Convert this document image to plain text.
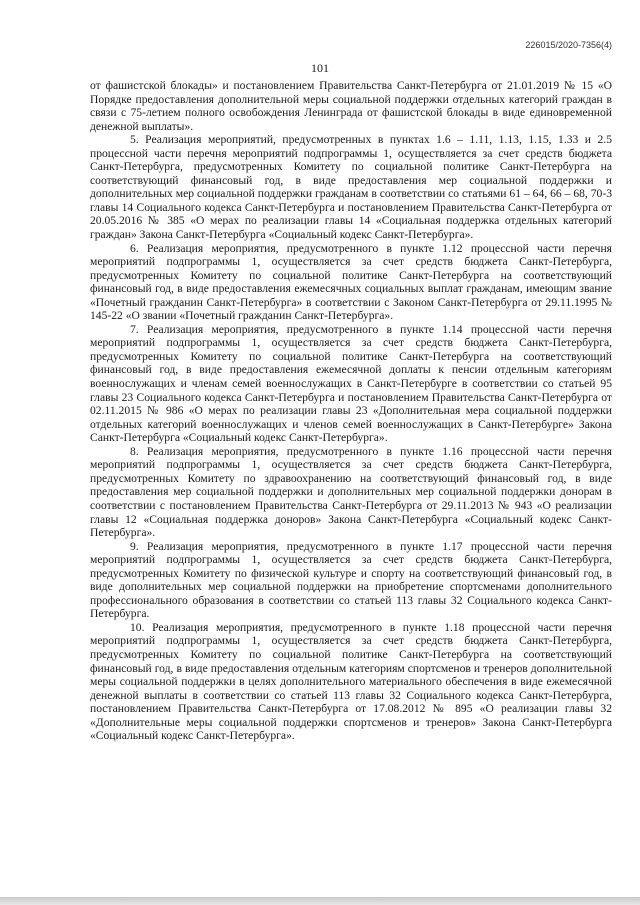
226015/2020-7356(4)
101

от фашистской блокады» и постановлением Правительства Санкт-Петербурга от 21.01.2019 № 15 «О Порядке предоставления дополнительной меры социальной поддержки отдельных категорий граждан в связи с 75-летием полного освобождения Ленинграда от фашистской блокады в виде единовременной денежной выплаты».

5. Реализация мероприятий, предусмотренных в пунктах 1.6 – 1.11, 1.13, 1.15, 1.33 и 2.5 процессной части перечня мероприятий подпрограммы 1, осуществляется за счет средств бюджета Санкт-Петербурга, предусмотренных Комитету по социальной политике Санкт-Петербурга на соответствующий финансовый год, в виде предоставления мер социальной поддержки и дополнительных мер социальной поддержки гражданам в соответствии со статьями 61 – 64, 66 – 68, 70-3 главы 14 Социального кодекса Санкт-Петербурга и постановлением Правительства Санкт-Петербурга от 20.05.2016 № 385 «О мерах по реализации главы 14 «Социальная поддержка отдельных категорий граждан» Закона Санкт-Петербурга «Социальный кодекс Санкт-Петербурга».

6. Реализация мероприятия, предусмотренного в пункте 1.12 процессной части перечня мероприятий подпрограммы 1, осуществляется за счет средств бюджета Санкт-Петербурга, предусмотренных Комитету по социальной политике Санкт-Петербурга на соответствующий финансовый год, в виде предоставления ежемесячных социальных выплат гражданам, имеющим звание «Почетный гражданин Санкт-Петербурга» в соответствии с Законом Санкт-Петербурга от 29.11.1995 № 145-22 «О звании «Почетный гражданин Санкт-Петербурга».

7. Реализация мероприятия, предусмотренного в пункте 1.14 процессной части перечня мероприятий подпрограммы 1, осуществляется за счет средств бюджета Санкт-Петербурга, предусмотренных Комитету по социальной политике Санкт-Петербурга на соответствующий финансовый год, в виде предоставления ежемесячной доплаты к пенсии отдельным категориям военнослужащих и членам семей военнослужащих в Санкт-Петербурге в соответствии со статьей 95 главы 23 Социального кодекса Санкт-Петербурга и постановлением Правительства Санкт-Петербурга от 02.11.2015 № 986 «О мерах по реализации главы 23 «Дополнительная мера социальной поддержки отдельных категорий военнослужащих и членов семей военнослужащих в Санкт-Петербурге» Закона Санкт-Петербурга «Социальный кодекс Санкт-Петербурга».

8. Реализация мероприятия, предусмотренного в пункте 1.16 процессной части перечня мероприятий подпрограммы 1, осуществляется за счет средств бюджета Санкт-Петербурга, предусмотренных Комитету по здравоохранению на соответствующий финансовый год, в виде предоставления мер социальной поддержки и дополнительных мер социальной поддержки донорам в соответствии с постановлением Правительства Санкт-Петербурга от 29.11.2013 № 943 «О реализации главы 12 «Социальная поддержка доноров» Закона Санкт-Петербурга «Социальный кодекс Санкт-Петербурга».

9. Реализация мероприятия, предусмотренного в пункте 1.17 процессной части перечня мероприятий подпрограммы 1, осуществляется за счет средств бюджета Санкт-Петербурга, предусмотренных Комитету по физической культуре и спорту на соответствующий финансовый год, в виде дополнительных мер социальной поддержки на приобретение спортсменами дополнительного профессионального образования в соответствии со статьей 113 главы 32 Социального кодекса Санкт-Петербурга.

10. Реализация мероприятия, предусмотренного в пункте 1.18 процессной части перечня мероприятий подпрограммы 1, осуществляется за счет средств бюджета Санкт-Петербурга, предусмотренных Комитету по социальной политике Санкт-Петербурга на соответствующий финансовый год, в виде предоставления отдельным категориям спортсменов и тренеров дополнительной меры социальной поддержки в целях дополнительного материального обеспечения в виде ежемесячной денежной выплаты в соответствии со статьей 113 главы 32 Социального кодекса Санкт-Петербурга, постановлением Правительства Санкт-Петербурга от 17.08.2012 № 895 «О реализации главы 32 «Дополнительные меры социальной поддержки спортсменов и тренеров» Закона Санкт-Петербурга «Социальный кодекс Санкт-Петербурга».
